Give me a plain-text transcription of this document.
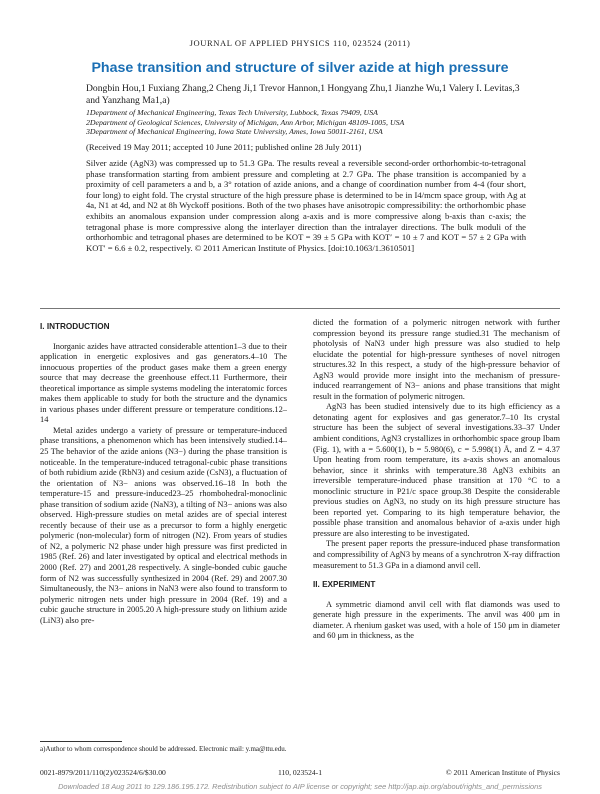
JOURNAL OF APPLIED PHYSICS 110, 023524 (2011)
Phase transition and structure of silver azide at high pressure
Dongbin Hou,1 Fuxiang Zhang,2 Cheng Ji,1 Trevor Hannon,1 Hongyang Zhu,1 Jianzhe Wu,1 Valery I. Levitas,3 and Yanzhang Ma1,a)
1Department of Mechanical Engineering, Texas Tech University, Lubbock, Texas 79409, USA
2Department of Geological Sciences, University of Michigan, Ann Arbor, Michigan 48109-1005, USA
3Department of Mechanical Engineering, Iowa State University, Ames, Iowa 50011-2161, USA
(Received 19 May 2011; accepted 10 June 2011; published online 28 July 2011)
Silver azide (AgN3) was compressed up to 51.3 GPa. The results reveal a reversible second-order orthorhombic-to-tetragonal phase transformation starting from ambient pressure and completing at 2.7 GPa. The phase transition is accompanied by a proximity of cell parameters a and b, a 3° rotation of azide anions, and a change of coordination number from 4-4 (four short, four long) to eight fold. The crystal structure of the high pressure phase is determined to be in I4/mcm space group, with Ag at 4a, N1 at 4d, and N2 at 8h Wyckoff positions. Both of the two phases have anisotropic compressibility: the orthorhombic phase exhibits an anomalous expansion under compression along a-axis and is more compressive along b-axis than c-axis; the tetragonal phase is more compressive along the interlayer direction than the intralayer directions. The bulk moduli of the orthorhombic and tetragonal phases are determined to be KOT = 39 ± 5 GPa with KOT′ = 10 ± 7 and KOT = 57 ± 2 GPa with KOT′ = 6.6 ± 0.2, respectively. © 2011 American Institute of Physics. [doi:10.1063/1.3610501]
I. INTRODUCTION

Inorganic azides have attracted considerable attention1–3 due to their application in energetic explosives and gas generators.4–10 The innocuous properties of the product gases make them a green energy source that may decrease the greenhouse effect.11 Furthermore, their theoretical importance as simple systems modeling the interatomic forces makes them applicable to study for both the structure and the dynamics in various phases under different pressure or temperature conditions.12–14

Metal azides undergo a variety of pressure or temperature-induced phase transitions, a phenomenon which has been intensively studied.14–25 The behavior of the azide anions (N3−) during the phase transition is noticeable. In the temperature-induced tetragonal-cubic phase transitions of both rubidium azide (RbN3) and cesium azide (CsN3), a fluctuation of the orientation of N3− anions was observed.16–18 In both the temperature-15 and pressure-induced23–25 rhombohedral-monoclinic phase transition of sodium azide (NaN3), a tilting of N3− anions was also observed. High-pressure studies on metal azides are of special interest recently because of their use as a precursor to form a highly energetic polymeric (non-molecular) form of nitrogen (N2). From years of studies of N2, a polymeric N2 phase under high pressure was first predicted in 1985 (Ref. 26) and later investigated by optical and electrical methods in 2000 (Ref. 27) and 2001,28 respectively. A single-bonded cubic gauche form of N2 was successfully synthesized in 2004 (Ref. 29) and 2007.30 Simultaneously, the N3− anions in NaN3 were also found to transform to polymeric nitrogen nets under high pressure in 2004 (Ref. 19) and a cubic gauche structure in 2005.20 A high-pressure study on lithium azide (LiN3) also pre-

dicted the formation of a polymeric nitrogen network with further compression beyond its pressure range studied.31 The mechanism of photolysis of NaN3 under high pressure was also studied to help elucidate the potential for high-pressure syntheses of novel nitrogen structures.32 In this respect, a study of the high-pressure behavior of AgN3 would provide more insight into the mechanism of pressure-induced rearrangement of N3− anions and phase transitions that might result in the formation of polymeric nitrogen.

AgN3 has been studied intensively due to its high efficiency as a detonating agent for explosives and gas generator.7–10 Its crystal structure has been the subject of several investigations.33–37 Under ambient conditions, AgN3 crystallizes in orthorhombic space group Ibam (Fig. 1), with a = 5.600(1), b = 5.980(6), c = 5.998(1) Å, and Z = 4.37 Upon heating from room temperature, its a-axis shows an anomalous behavior, since it shrinks with temperature.38 AgN3 exhibits an irreversible temperature-induced phase transition at 170 °C to a monoclinic structure in P21/c space group.38 Despite the considerable previous studies on AgN3, no study on its high pressure structure has been reported yet. Comparing to its high temperature behavior, the possible phase transition and anomalous behavior of a-axis under high pressure are also interesting to be investigated.

The present paper reports the pressure-induced phase transformation and compressibility of AgN3 by means of a synchrotron X-ray diffraction measurement to 51.3 GPa in a diamond anvil cell.

II. EXPERIMENT

A symmetric diamond anvil cell with flat diamonds was used to generate high pressure in the experiments. The anvil was 400 μm in diameter. A rhenium gasket was used, with a hole of 150 μm in diameter and 60 μm in thickness, as the

a)Author to whom correspondence should be addressed. Electronic mail: y.ma@ttu.edu.
0021-8979/2011/110(2)/023524/6/$30.00	110, 023524-1	© 2011 American Institute of Physics
Downloaded 18 Aug 2011 to 129.186.195.172. Redistribution subject to AIP license or copyright; see http://jap.aip.org/about/rights_and_permissions
